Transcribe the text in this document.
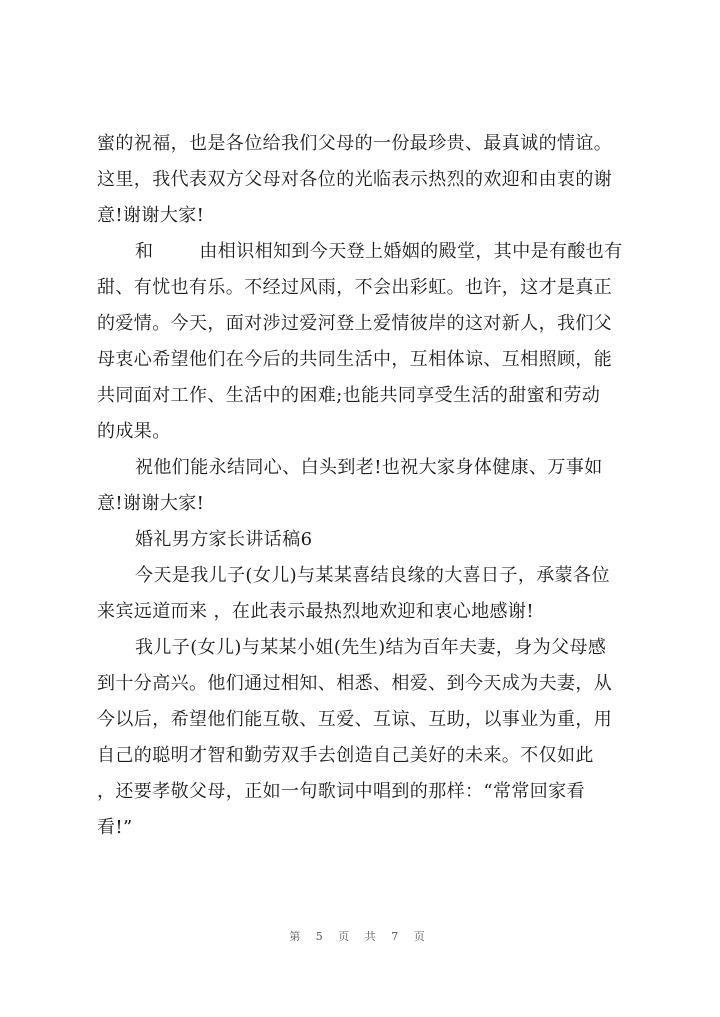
蜜的祝福，也是各位给我们父母的一份最珍贵、最真诚的情谊。
这里，我代表双方父母对各位的光临表示热烈的欢迎和由衷的谢
意!谢谢大家!
和	由相识相知到今天登上婚姻的殿堂，其中是有酸也有
甜、有忧也有乐。不经过风雨，不会出彩虹。也许，这才是真正
的爱情。今天，面对涉过爱河登上爱情彼岸的这对新人，我们父
母衷心希望他们在今后的共同生活中，互相体谅、互相照顾，能
共同面对工作、生活中的困难;也能共同享受生活的甜蜜和劳动
的成果。
祝他们能永结同心、白头到老!也祝大家身体健康、万事如
意!谢谢大家!
婚礼男方家长讲话稿6
今天是我儿子(女儿)与某某喜结良缘的大喜日子，承蒙各位
来宾远道而来 ，在此表示最热烈地欢迎和衷心地感谢!
我儿子(女儿)与某某小姐(先生)结为百年夫妻，身为父母感
到十分高兴。他们通过相知、相悉、相爱、到今天成为夫妻，从
今以后，希望他们能互敬、互爱、互谅、互助，以事业为重，用
自己的聪明才智和勤劳双手去创造自己美好的未来。不仅如此
，还要孝敬父母，正如一句歌词中唱到的那样：“常常回家看
看!”
第 5 页 共 7 页
